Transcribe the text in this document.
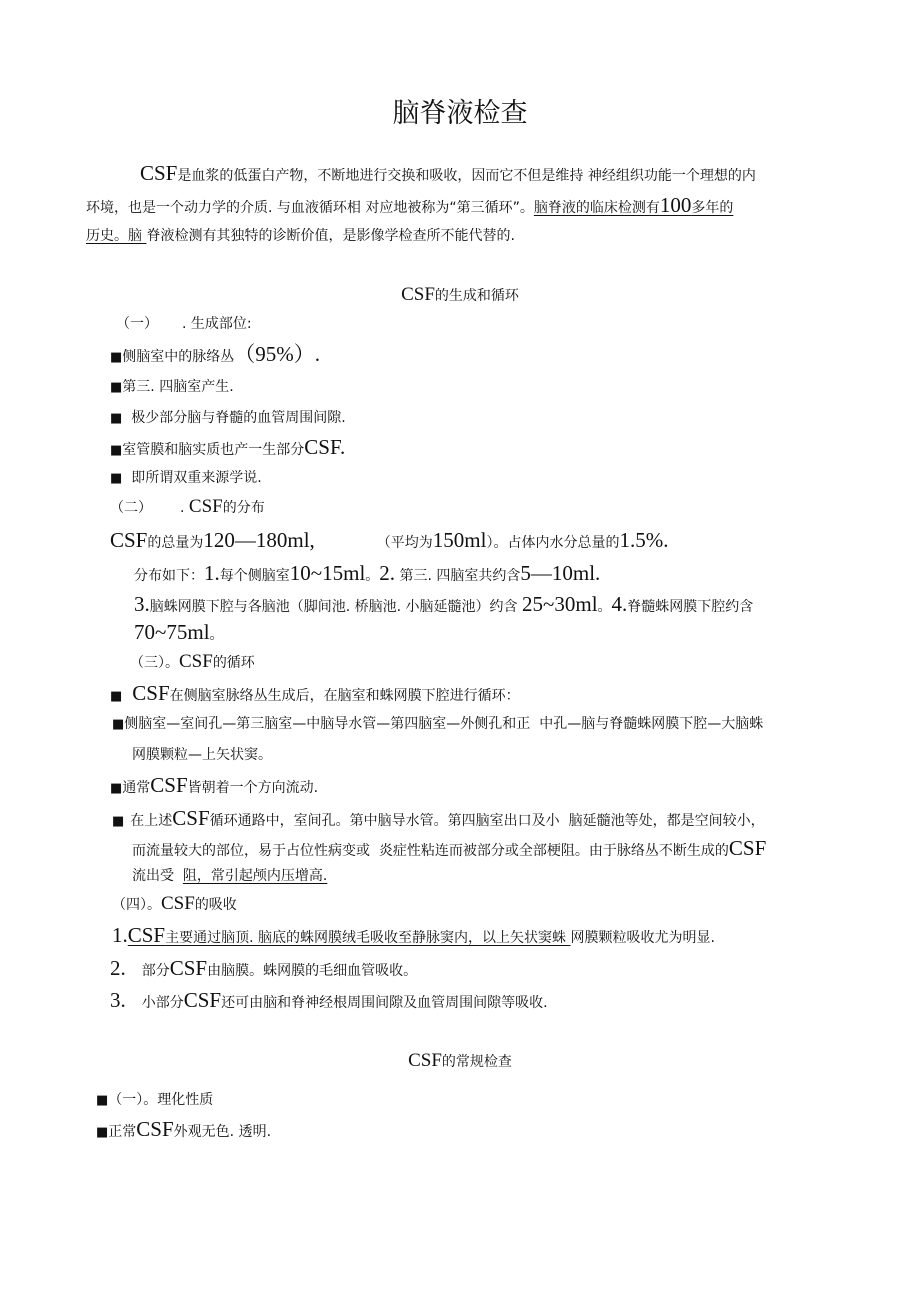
脑脊液检查
CSF是血浆的低蛋白产物，不断地进行交换和吸收，因而它不但是维持 神经组织功能一个理想的内
环境，也是一个动力学的介质. 与血液循环相 对应地被称为“第三循环”。脑脊液的临床检测有100多年的
历史。脑 脊液检测有其独特的诊断价值，是影像学检查所不能代替的.
CSF的生成和循环
（一） . 生成部位:
■侧脑室中的脉络丛（95%）.
■第三. 四脑室产生.
■  极少部分脑与脊髓的血管周围间隙.
■室管膜和脑实质也产一生部分CSF.
■  即所谓双重来源学说.
（二） . CSF的分布
CSF的总量为120—180ml,	（平均为150ml）。占体内水分总量的1.5%.
分布如下：1.每个侧脑室10~15ml。2. 第三. 四脑室共约含5—10ml.
3.脑蛛网膜下腔与各脑池（脚间池. 桥脑池. 小脑延髓池）约含 25~30ml。4.脊髓蛛网膜下腔约含
70~75ml。
（三）。CSF的循环
■ CSF在侧脑室脉络丛生成后，在脑室和蛛网膜下腔进行循环：
■侧脑室—室间孔—第三脑室—中脑导水管—第四脑室—外侧孔和正  中孔—脑与脊髓蛛网膜下腔—大脑蛛
网膜颗粒—上矢状窦。
■通常CSF皆朝着一个方向流动.
■ 在上述CSF循环通路中，室间孔。第中脑导水管。第四脑室出口及小  脑延髓池等处，都是空间较小，
而流量较大的部位，易于占位性病变或  炎症性粘连而被部分或全部梗阻。由于脉络丛不断生成的CSF
流出受  阻，常引起颅内压增高.
（四）。CSF的吸收
1.CSF主要通过脑顶. 脑底的蛛网膜绒毛吸收至静脉窦内，以上矢状窦蛛 网膜颗粒吸收尤为明显.
2. 部分CSF由脑膜。蛛网膜的毛细血管吸收。
3. 小部分CSF还可由脑和脊神经根周围间隙及血管周围间隙等吸收.
CSF的常规检查
■（一）。理化性质
■正常CSF外观无色. 透明.
